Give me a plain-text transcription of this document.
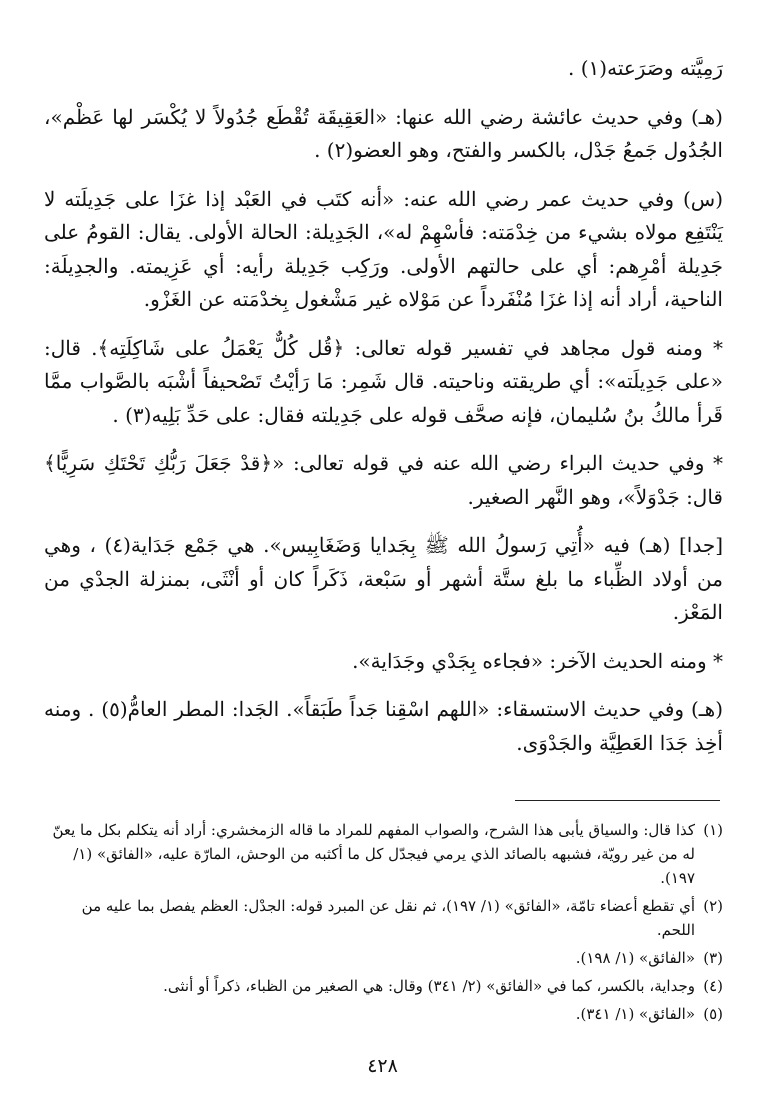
رَمِيَّته وصَرَعته(١) .

(هـ) وفي حديث عائشة رضي الله عنها: «العَقِيقَة تُقْطَع جُدُولاً لا يُكْسَر لها عَظْم»، الجُدُول جَمعُ جَدْل، بالكسر والفتح، وهو العضو(٢) .

(س) وفي حديث عمر رضي الله عنه: «أنه كتَب في العَبْد إذا غزَا على جَدِيلَته لا يَنْتَفِع مولاه بشيء من خِدْمَته: فأسْهِمْ له»، الجَدِيلة: الحالة الأولى. يقال: القومُ على جَدِيلة أمْرِهم: أي على حالتهم الأولى. ورَكِب جَدِيلة رأيه: أي عَزِيمته. والجدِيلَة: الناحية، أراد أنه إذا غزَا مُنْفَرداً عن مَوْلاه غير مَشْغول بِخدْمَته عن الغَزْو.

* ومنه قول مجاهد في تفسير قوله تعالى: ﴿قُل كُلٌّ يَعْمَلُ على شَاكِلَتِه﴾. قال: «على جَدِيلَته»: أي طريقته وناحيته. قال شَمِر: مَا رَأيْتُ تَصْحيفاً أشْبَه بالصَّواب ممَّا قَرأ مالكُ بنُ سُليمان، فإنه صحَّف قوله على جَدِيلته فقال: على حَدِّ بَلِيه(٣) .

* وفي حديث البراء رضي الله عنه في قوله تعالى: «﴿قدْ جَعَلَ رَبُّكِ تَحْتَكِ سَرِيًّا﴾ قال: جَدْوَلاً»، وهو النَّهر الصغير.

[جدا] (هـ) فيه «أُتِي رَسولُ الله ﷺ بِجَدايا وَضَغَابِيس». هي جَمْع جَدَاية(٤) ، وهي من أولاد الظِّباء ما بلغ ستَّة أشهر أو سَبْعة، ذَكَراً كان أو أنْثَى، بمنزلة الجدْي من المَعْز.

* ومنه الحديث الآخر: «فجاءه بِجَدْي وجَدَاية».

(هـ) وفي حديث الاستسقاء: «اللهم اسْقِنا جَداً طَبَقاً». الجَدا: المطر العامُّ(٥) . ومنه أخِذ جَدَا العَطِيَّة والجَدْوَى.

(١)كذا قال: والسياق يأبى هذا الشرح، والصواب المفهم للمراد ما قاله الزمخشري: أراد أنه يتكلم بكل ما يعنّ له من غير رويّة، فشبهه بالصائد الذي يرمي فيجدّل كل ما أكثبه من الوحش، المارّة عليه، «الفائق» (١/ ١٩٧).

(٢)أي تقطع أعضاء تامّة، «الفائق» (١/ ١٩٧)، ثم نقل عن المبرد قوله: الجدْل: العظم يفصل بما عليه من اللحم.

(٣)«الفائق» (١/ ١٩٨).

(٤)وجداية، بالكسر، كما في «الفائق» (٢/ ٣٤١) وقال: هي الصغير من الظباء، ذكراً أو أنثى.

(٥)«الفائق» (١/ ٣٤١).

٤٢٨
